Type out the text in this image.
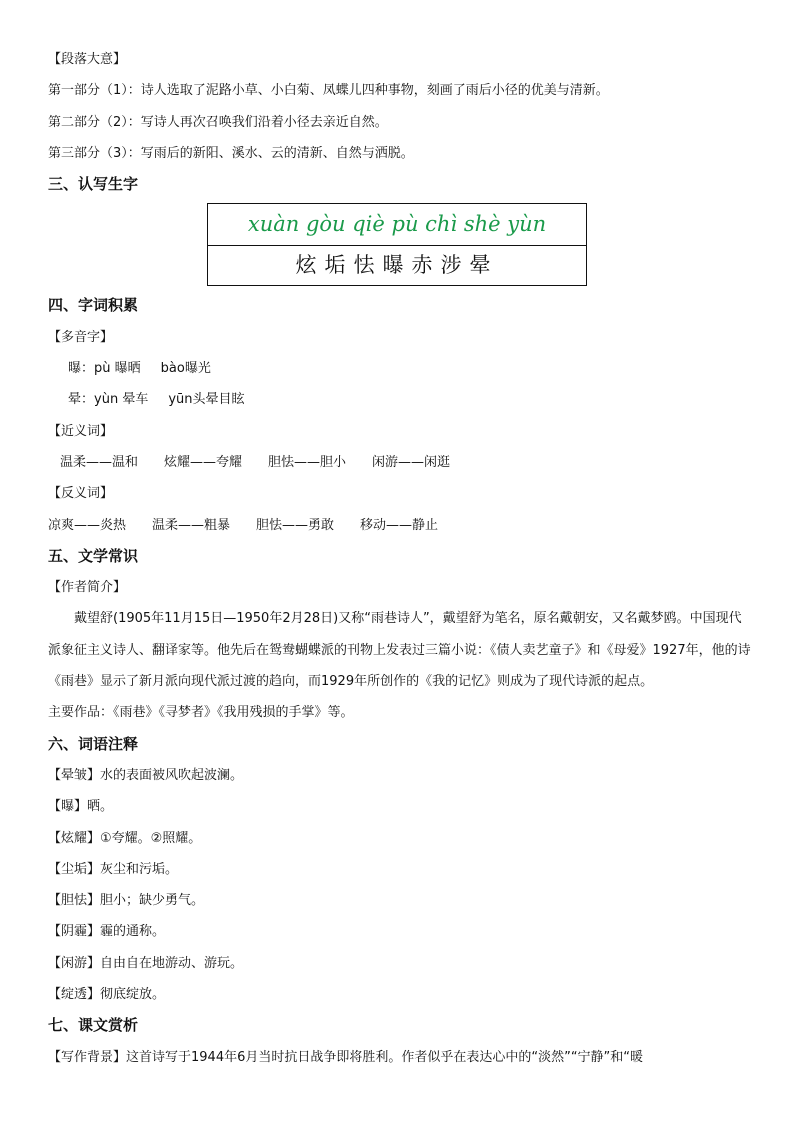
【段落大意】
第一部分（1）：诗人选取了泥路小草、小白菊、凤蝶儿四种事物，刻画了雨后小径的优美与清新。
第二部分（2）：写诗人再次召唤我们沿着小径去亲近自然。
第三部分（3）：写雨后的新阳、溪水、云的清新、自然与洒脱。
三、认写生字
xuàn gòu qiè pù chì shè yùn
炫垢怯曝赤涉晕
四、字词积累
【多音字】
曝：pù 曝晒 bào曝光
晕：yùn 晕车 yūn头晕目眩
【近义词】
温柔——温和 炫耀——夸耀 胆怯——胆小 闲游——闲逛
【反义词】
凉爽——炎热 温柔——粗暴 胆怯——勇敢 移动——静止
五、文学常识
【作者简介】
戴望舒(1905年11月15日—1950年2月28日)又称“雨巷诗人”，戴望舒为笔名，原名戴朝安，又名戴梦鸥。中国现代派象征主义诗人、翻译家等。他先后在鸳鸯蝴蝶派的刊物上发表过三篇小说：《债人卖艺童子》和《母爱》1927年，他的诗《雨巷》显示了新月派向现代派过渡的趋向，而1929年所创作的《我的记忆》则成为了现代诗派的起点。
主要作品：《雨巷》《寻梦者》《我用残损的手掌》等。
六、词语注释
【晕皱】水的表面被风吹起波澜。
【曝】晒。
【炫耀】①夸耀。②照耀。
【尘垢】灰尘和污垢。
【胆怯】胆小；缺少勇气。
【阴霾】霾的通称。
【闲游】自由自在地游动、游玩。
【绽透】彻底绽放。
七、课文赏析
【写作背景】这首诗写于1944年6月当时抗日战争即将胜利。作者似乎在表达心中的“淡然”“宁静”和“暖
